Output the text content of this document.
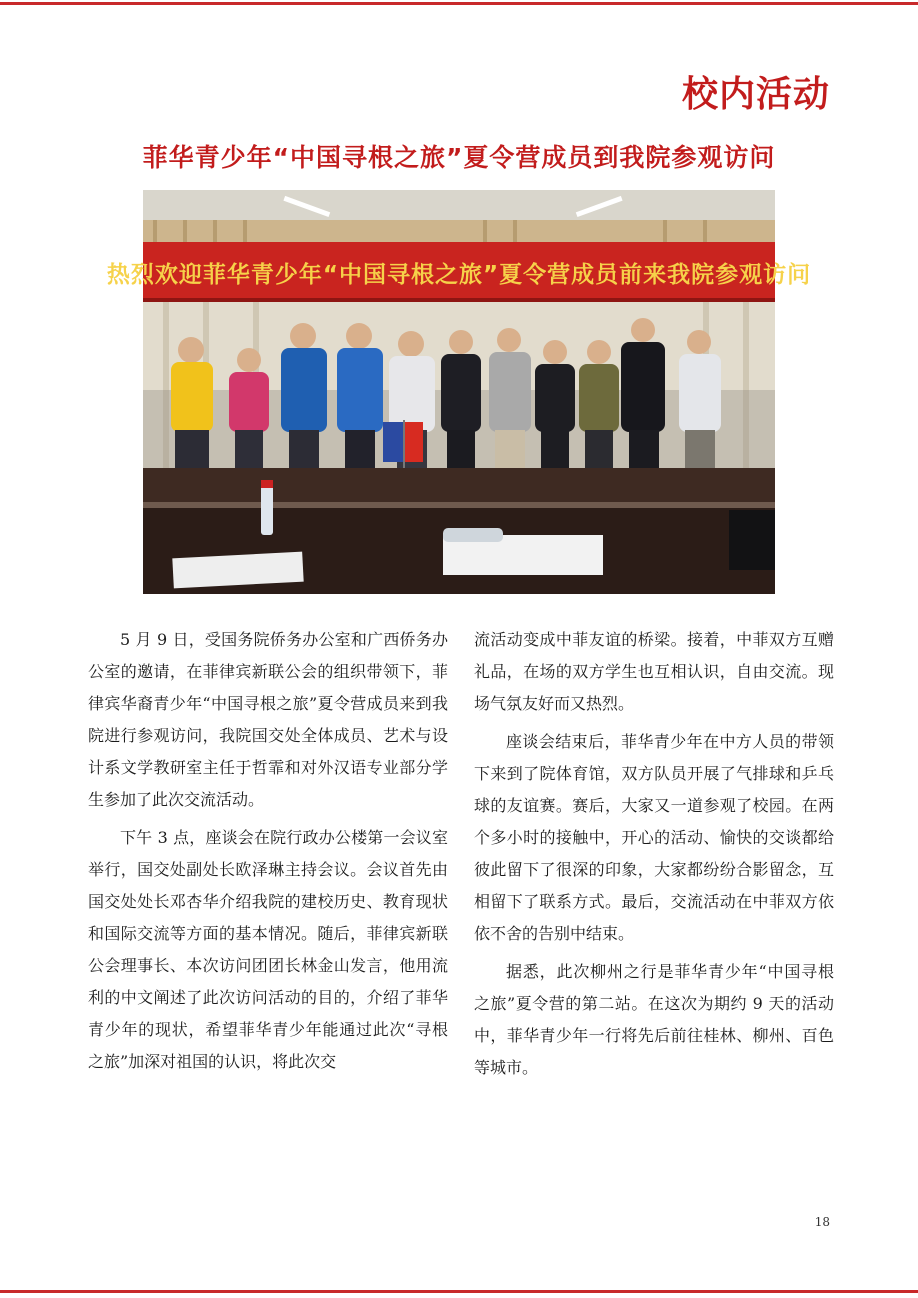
校内活动
菲华青少年“中国寻根之旅”夏令营成员到我院参观访问
热烈欢迎菲华青少年“中国寻根之旅”夏令营成员前来我院参观访问

5 月 9 日，受国务院侨务办公室和广西侨务办公室的邀请，在菲律宾新联公会的组织带领下，菲律宾华裔青少年“中国寻根之旅”夏令营成员来到我院进行参观访问，我院国交处全体成员、艺术与设计系文学教研室主任于哲霏和对外汉语专业部分学生参加了此次交流活动。

下午 3 点，座谈会在院行政办公楼第一会议室举行，国交处副处长欧泽琳主持会议。会议首先由国交处处长邓杏华介绍我院的建校历史、教育现状和国际交流等方面的基本情况。随后，菲律宾新联公会理事长、本次访问团团长林金山发言，他用流利的中文阐述了此次访问活动的目的，介绍了菲华青少年的现状，希望菲华青少年能通过此次“寻根之旅”加深对祖国的认识，将此次交

流活动变成中菲友谊的桥梁。接着，中菲双方互赠礼品，在场的双方学生也互相认识，自由交流。现场气氛友好而又热烈。

座谈会结束后，菲华青少年在中方人员的带领下来到了院体育馆，双方队员开展了气排球和乒乓球的友谊赛。赛后，大家又一道参观了校园。在两个多小时的接触中，开心的活动、愉快的交谈都给彼此留下了很深的印象，大家都纷纷合影留念，互相留下了联系方式。最后，交流活动在中菲双方依依不舍的告别中结束。

据悉，此次柳州之行是菲华青少年“中国寻根之旅”夏令营的第二站。在这次为期约 9 天的活动中，菲华青少年一行将先后前往桂林、柳州、百色等城市。

18
